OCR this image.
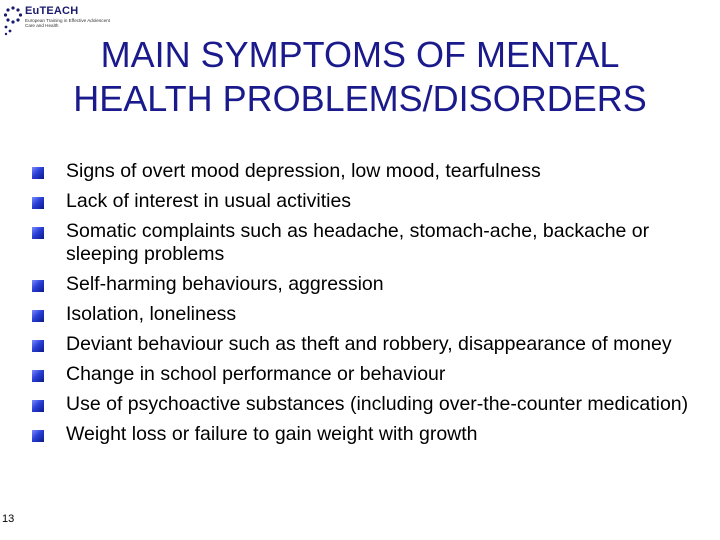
EuTEACH
European Training in Effective Adolescent Care and Health
MAIN SYMPTOMS OF MENTAL
HEALTH PROBLEMS/DISORDERS
Signs of overt mood depression, low mood, tearfulness
Lack of interest in usual activities
Somatic complaints such as headache, stomach-ache, backache or sleeping problems
Self-harming behaviours, aggression
Isolation, loneliness
Deviant behaviour such as theft and robbery, disappearance of money
Change in school performance or behaviour
Use of psychoactive substances (including over-the-counter medication)
Weight loss or failure to gain weight with growth
13
